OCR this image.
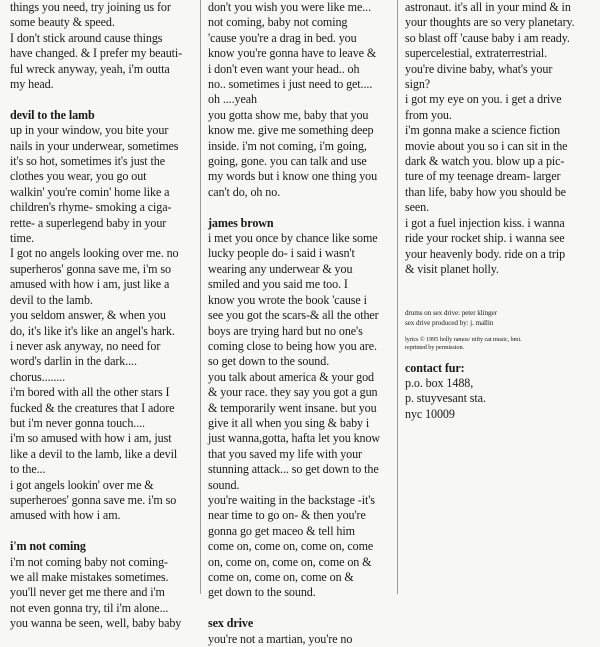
things you need, try joining us for
some beauty & speed.
I don't stick around cause things
have changed. & I prefer my beauti-
ful wreck anyway, yeah, i'm outta
my head.
devil to the lamb
up in your window, you bite your
nails in your underwear, sometimes
it's so hot, sometimes it's just the
clothes you wear, you go out
walkin' you're comin' home like a
children's rhyme- smoking a ciga-
rette- a superlegend baby in your
time.
I got no angels looking over me. no
superheros' gonna save me, i'm so
amused with how i am, just like a
devil to the lamb.
you seldom answer, & when you
do, it's like it's like an angel's hark.
i never ask anyway, no need for
word's darlin in the dark....
chorus........
i'm bored with all the other stars I
fucked & the creatures that I adore
but i'm never gonna touch....
i'm so amused with how i am, just
like a devil to the lamb, like a devil
to the...
i got angels lookin' over me &
superheroes' gonna save me. i'm so
amused with how i am.
i'm not coming
i'm not coming baby not coming-
we all make mistakes sometimes.
you'll never get me there and i'm
not even gonna try, til i'm alone...
you wanna be seen, well, baby baby
don't you wish you were like me...
not coming, baby not coming
'cause you're a drag in bed. you
know you're gonna have to leave &
i don't even want your head.. oh
no.. sometimes i just need to get....
oh ....yeah
you gotta show me, baby that you
know me. give me something deep
inside. i'm not coming, i'm going,
going, gone. you can talk and use
my words but i know one thing you
can't do, oh no.
james brown
i met you once by chance like some
lucky people do- i said i wasn't
wearing any underwear & you
smiled and you said me too. I
know you wrote the book 'cause i
see you got the scars-& all the other
boys are trying hard but no one's
coming close to being how you are.
so get down to the sound.
you talk about america & your god
& your race. they say you got a gun
& temporarily went insane. but you
give it all when you sing & baby i
just wanna,gotta, hafta let you know
that you saved my life with your
stunning attack... so get down to the
sound.
you're waiting in the backstage -it's
near time to go on- & then you're
gonna go get maceo & tell him
come on, come on, come on, come
on, come on, come on, come on &
come on, come on, come on &
get down to the sound.
sex drive
you're not a martian, you're no
astronaut. it's all in your mind & in
your thoughts are so very planetary.
so blast off 'cause baby i am ready.
supercelestial, extraterrestrial.
you're divine baby, what's your
sign?
i got my eye on you. i get a drive
from you.
i'm gonna make a science fiction
movie about you so i can sit in the
dark & watch you. blow up a pic-
ture of my teenage dream- larger
than life, baby how you should be
seen.
i got a fuel injection kiss. i wanna
ride your rocket ship. i wanna see
your heavenly body. ride on a trip
& visit planet holly.
drums on sex drive: peter klinger
sex drive produced by: j. mallin
lyrics © 1995 holly ramos/ nifty cat music, bmi.
reprinted by permission.
contact fur:
p.o. box 1488,
p. stuyvesant sta.
nyc 10009
